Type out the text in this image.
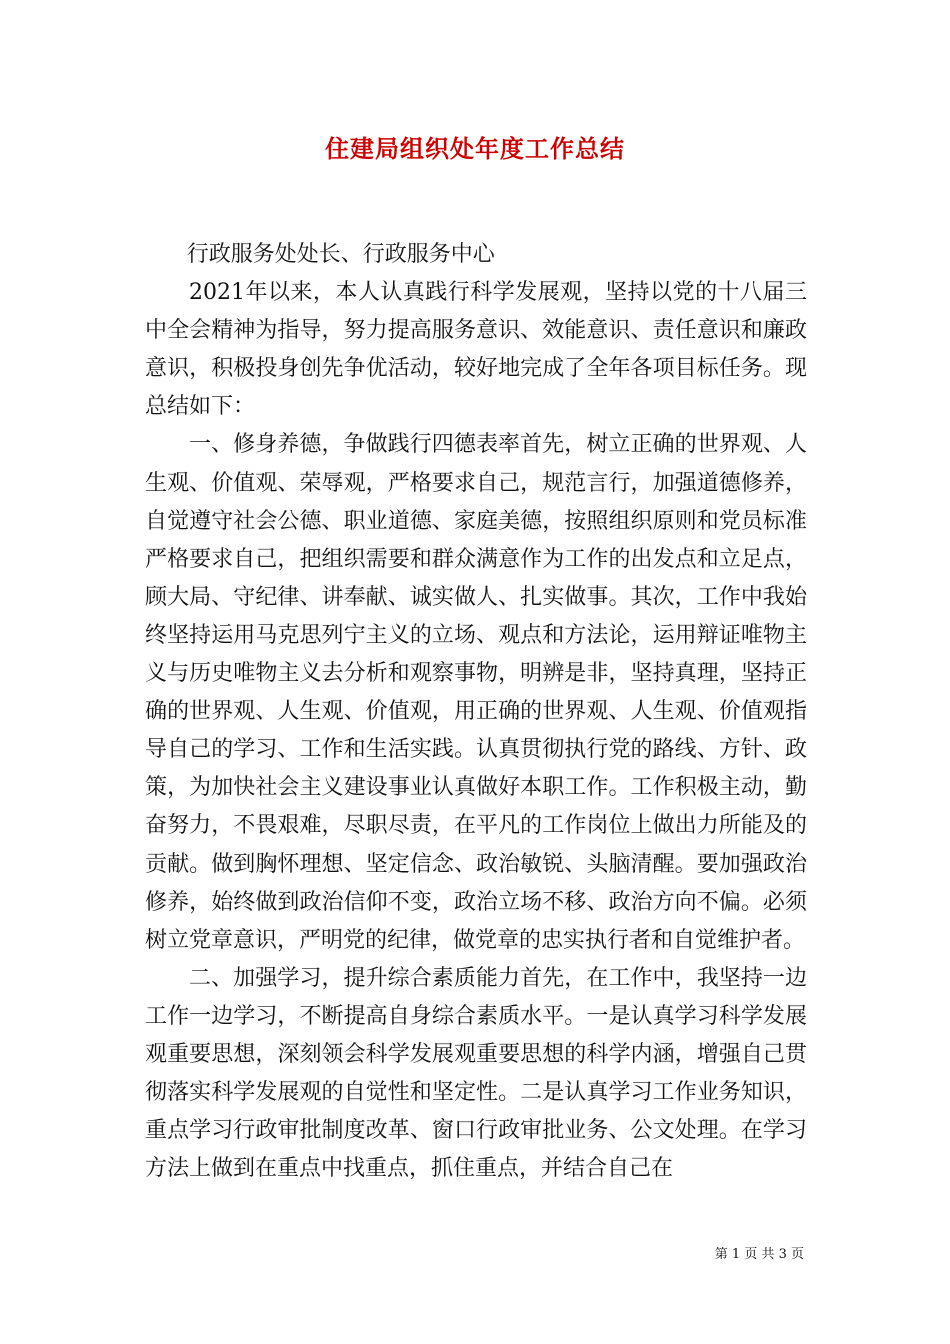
住建局组织处年度工作总结

行政服务处处长、行政服务中心

2021年以来，本人认真践行科学发展观，坚持以党的十八届三中全会精神为指导，努力提高服务意识、效能意识、责任意识和廉政意识，积极投身创先争优活动，较好地完成了全年各项目标任务。现总结如下：

一、修身养德，争做践行四德表率首先，树立正确的世界观、人生观、价值观、荣辱观，严格要求自己，规范言行，加强道德修养，自觉遵守社会公德、职业道德、家庭美德，按照组织原则和党员标准严格要求自己，把组织需要和群众满意作为工作的出发点和立足点，顾大局、守纪律、讲奉献、诚实做人、扎实做事。其次，工作中我始终坚持运用马克思列宁主义的立场、观点和方法论，运用辩证唯物主义与历史唯物主义去分析和观察事物，明辨是非，坚持真理，坚持正确的世界观、人生观、价值观，用正确的世界观、人生观、价值观指导自己的学习、工作和生活实践。认真贯彻执行党的路线、方针、政策，为加快社会主义建设事业认真做好本职工作。工作积极主动，勤奋努力，不畏艰难，尽职尽责，在平凡的工作岗位上做出力所能及的贡献。做到胸怀理想、坚定信念、政治敏锐、头脑清醒。要加强政治修养，始终做到政治信仰不变，政治立场不移、政治方向不偏。必须树立党章意识，严明党的纪律，做党章的忠实执行者和自觉维护者。

二、加强学习，提升综合素质能力首先，在工作中，我坚持一边工作一边学习，不断提高自身综合素质水平。一是认真学习科学发展观重要思想，深刻领会科学发展观重要思想的科学内涵，增强自己贯彻落实科学发展观的自觉性和坚定性。二是认真学习工作业务知识，重点学习行政审批制度改革、窗口行政审批业务、公文处理。在学习方法上做到在重点中找重点，抓住重点，并结合自己在

第 1 页 共 3 页
